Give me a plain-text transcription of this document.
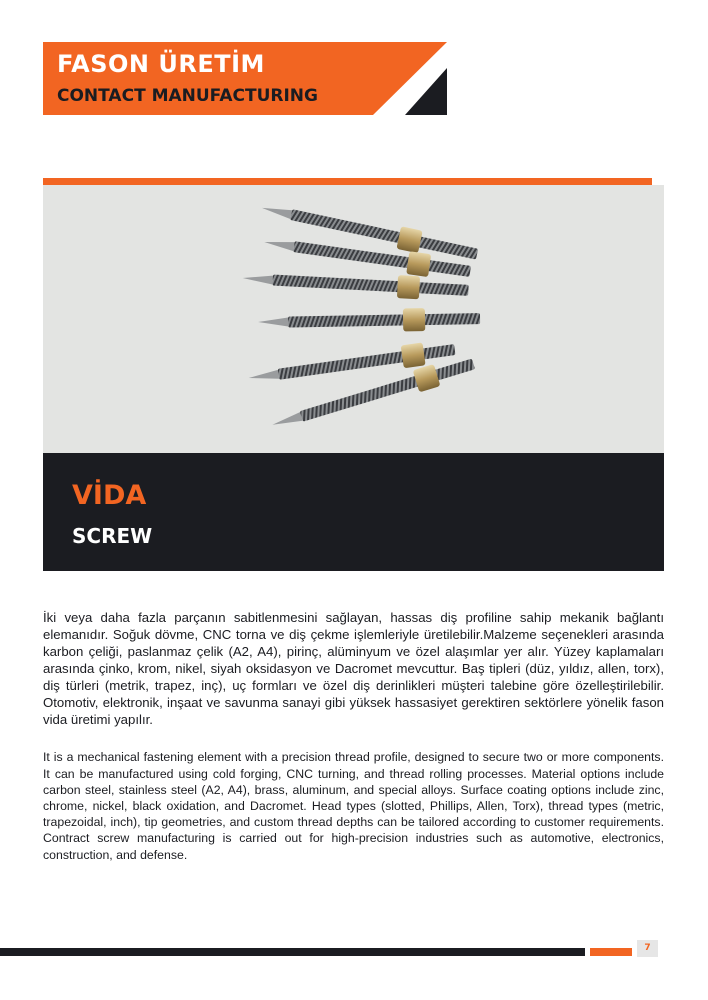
FASON ÜRETİM
CONTACT MANUFACTURING
VİDA
SCREW

İki veya daha fazla parçanın sabitlenmesini sağlayan, hassas diş profiline sahip mekanik bağlantı elemanıdır. Soğuk dövme, CNC torna ve diş çekme işlemleriyle üretilebilir.Malzeme seçenekleri arasında karbon çeliği, paslanmaz çelik (A2, A4), pirinç, alüminyum ve özel alaşımlar yer alır. Yüzey kaplamaları arasında çinko, krom, nikel, siyah oksidasyon ve Dacromet mevcuttur. Baş tipleri (düz, yıldız, allen, torx), diş türleri (metrik, trapez, inç), uç formları ve özel diş derinlikleri müşteri talebine göre özelleştirilebilir. Otomotiv, elektronik, inşaat ve savunma sanayi gibi yüksek hassasiyet gerektiren sektörlere yönelik fason vida üretimi yapılır.

It is a mechanical fastening element with a precision thread profile, designed to secure two or more components. It can be manufactured using cold forging, CNC turning, and thread rolling processes. Material options include carbon steel, stainless steel (A2, A4), brass, aluminum, and special alloys. Surface coating options include zinc, chrome, nickel, black oxidation, and Dacromet. Head types (slotted, Phillips, Allen, Torx), thread types (metric, trapezoidal, inch), tip geometries, and custom thread depths can be tailored according to customer requirements. Contract screw manufacturing is carried out for high-precision industries such as automotive, electronics, construction, and defense.

7
